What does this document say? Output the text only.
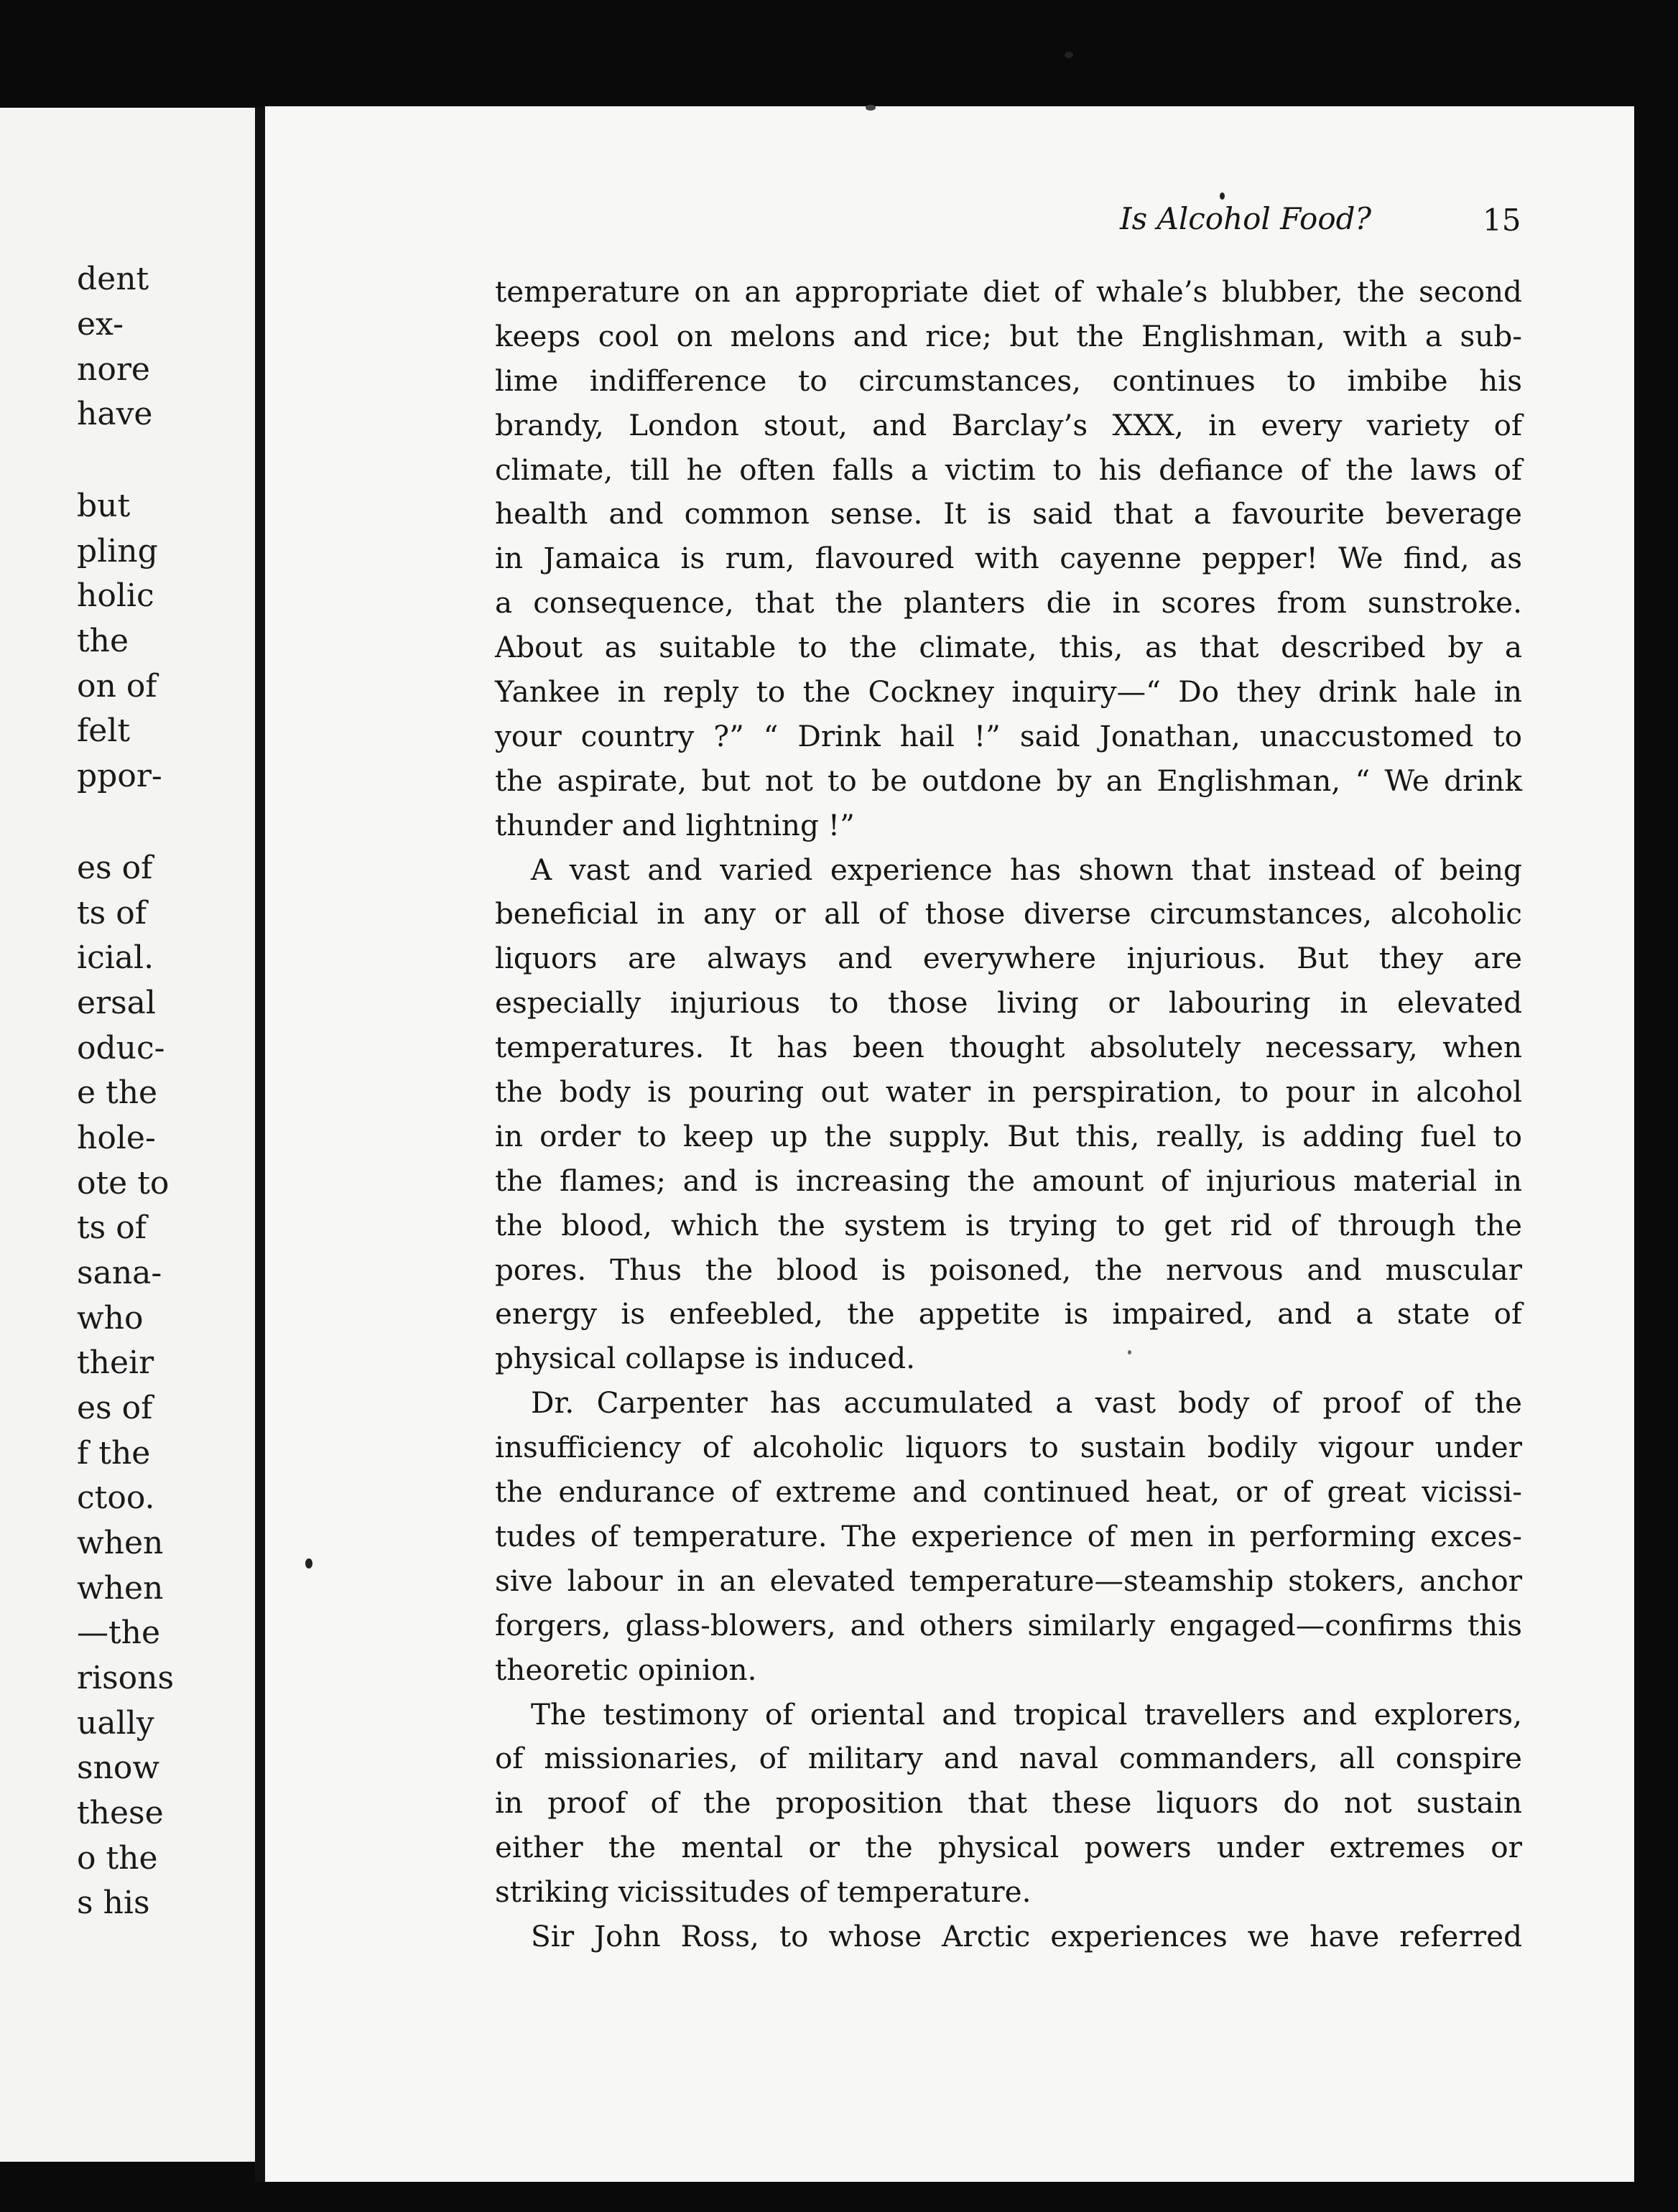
dent
ex-
nore
have
but
pling
holic
the
on of
felt
ppor-
es of
ts of
icial.
ersal
oduc-
e the
hole-
ote to
ts of
sana-
who
their
es of
f the
ctoo.
when
when
—the
risons
ually
snow
these
o the
s his
Is Alcohol Food?	15
temperature on an appropriate diet of whale’s blubber, the second
keeps cool on melons and rice; but the Englishman, with a sub-
lime indifference to circumstances, continues to imbibe his
brandy, London stout, and Barclay’s XXX, in every variety of
climate, till he often falls a victim to his defiance of the laws of
health and common sense. It is said that a favourite beverage
in Jamaica is rum, flavoured with cayenne pepper! We find, as
a consequence, that the planters die in scores from sunstroke.
About as suitable to the climate, this, as that described by a
Yankee in reply to the Cockney inquiry—“ Do they drink hale in
your country ?” “ Drink hail !” said Jonathan, unaccustomed to
the aspirate, but not to be outdone by an Englishman, “ We drink
thunder and lightning !”
A vast and varied experience has shown that instead of being
beneficial in any or all of those diverse circumstances, alcoholic
liquors are always and everywhere injurious. But they are
especially injurious to those living or labouring in elevated
temperatures. It has been thought absolutely necessary, when
the body is pouring out water in perspiration, to pour in alcohol
in order to keep up the supply. But this, really, is adding fuel to
the flames; and is increasing the amount of injurious material in
the blood, which the system is trying to get rid of through the
pores. Thus the blood is poisoned, the nervous and muscular
energy is enfeebled, the appetite is impaired, and a state of
physical collapse is induced.
Dr. Carpenter has accumulated a vast body of proof of the
insufficiency of alcoholic liquors to sustain bodily vigour under
the endurance of extreme and continued heat, or of great vicissi-
tudes of temperature. The experience of men in performing exces-
sive labour in an elevated temperature—steamship stokers, anchor
forgers, glass-blowers, and others similarly engaged—confirms this
theoretic opinion.
The testimony of oriental and tropical travellers and explorers,
of missionaries, of military and naval commanders, all conspire
in proof of the proposition that these liquors do not sustain
either the mental or the physical powers under extremes or
striking vicissitudes of temperature.
Sir John Ross, to whose Arctic experiences we have referred
